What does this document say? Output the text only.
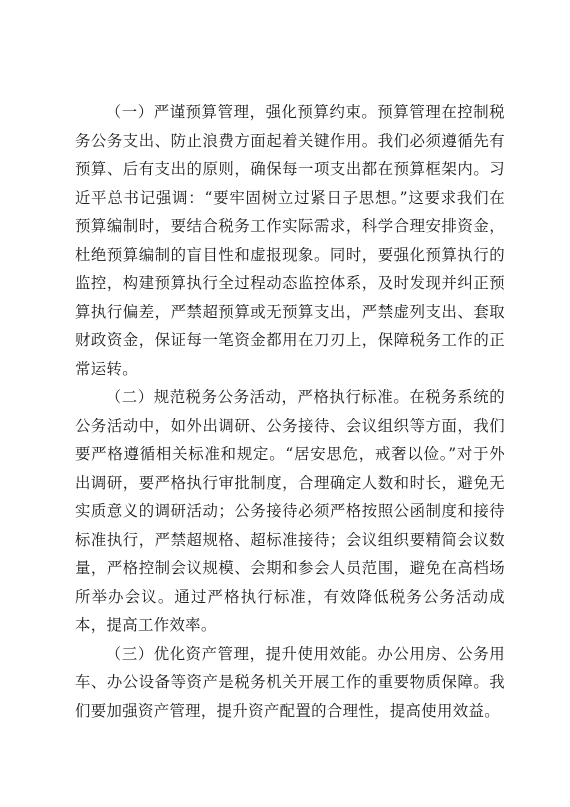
（一）严谨预算管理，强化预算约束。预算管理在控制税务公务支出、防止浪费方面起着关键作用。我们必须遵循先有预算、后有支出的原则，确保每一项支出都在预算框架内。习近平总书记强调：“要牢固树立过紧日子思想。”这要求我们在预算编制时，要结合税务工作实际需求，科学合理安排资金，杜绝预算编制的盲目性和虚报现象。同时，要强化预算执行的监控，构建预算执行全过程动态监控体系，及时发现并纠正预算执行偏差，严禁超预算或无预算支出，严禁虚列支出、套取财政资金，保证每一笔资金都用在刀刃上，保障税务工作的正常运转。

（二）规范税务公务活动，严格执行标准。在税务系统的公务活动中，如外出调研、公务接待、会议组织等方面，我们要严格遵循相关标准和规定。“居安思危，戒奢以俭。”对于外出调研，要严格执行审批制度，合理确定人数和时长，避免无实质意义的调研活动；公务接待必须严格按照公函制度和接待标准执行，严禁超规格、超标准接待；会议组织要精简会议数量，严格控制会议规模、会期和参会人员范围，避免在高档场所举办会议。通过严格执行标准，有效降低税务公务活动成本，提高工作效率。

（三）优化资产管理，提升使用效能。办公用房、公务用车、办公设备等资产是税务机关开展工作的重要物质保障。我们要加强资产管理，提升资产配置的合理性，提高使用效益。
